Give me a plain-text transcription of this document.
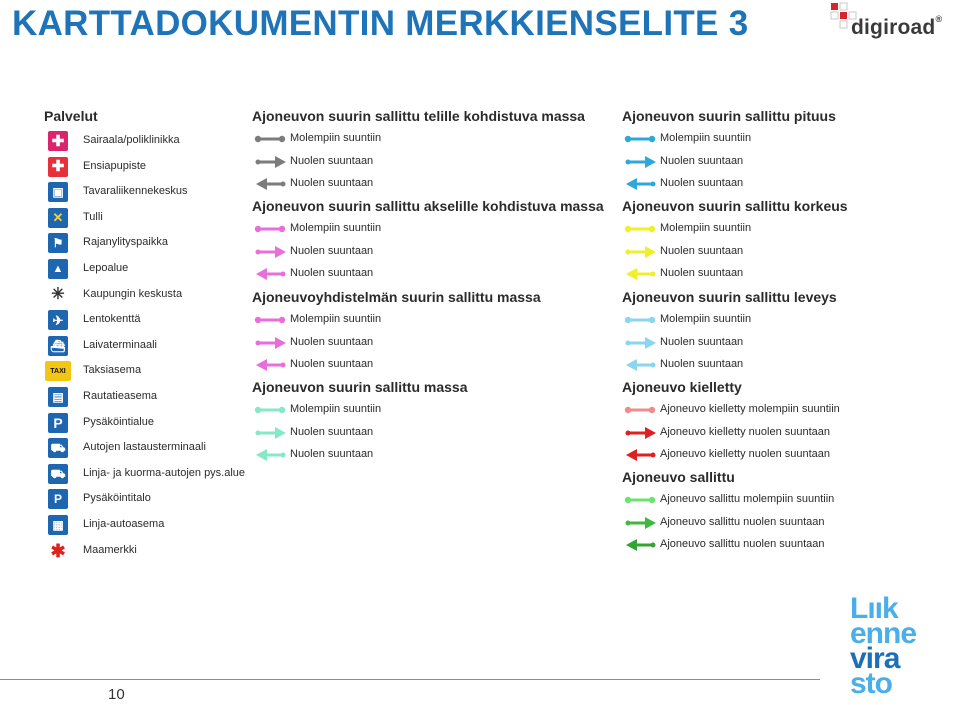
KARTTADOKUMENTIN MERKKIENSELITE 3	digiroad®
Palvelut
✚	Sairaala/poliklinikka
✚	Ensiapupiste
▣	Tavaraliikennekeskus
✕	Tulli
⚑	Rajanylityspaikka
▲	Lepoalue
✳ Kaupungin keskusta
✈	Lentokenttä
⛴ Laivaterminaali
TAXI	Taksiasema
▤	Rautatieasema
P	Pysäköintialue
⛟ Autojen lastausterminaali
⛟ Linja- ja kuorma-autojen pys.alue
P	Pysäköintitalo
▦	Linja-autoasema
✱ Maamerkki
Ajoneuvon suurin sallittu telille kohdistuva massa
Molempiin suuntiin
Nuolen suuntaan
Nuolen suuntaan
Ajoneuvon suurin sallittu akselille kohdistuva massa
Molempiin suuntiin
Nuolen suuntaan
Nuolen suuntaan
Ajoneuvoyhdistelmän suurin sallittu massa
Molempiin suuntiin
Nuolen suuntaan
Nuolen suuntaan
Ajoneuvon suurin sallittu massa
Molempiin suuntiin
Nuolen suuntaan
Nuolen suuntaan
Ajoneuvon suurin sallittu pituus
Molempiin suuntiin
Nuolen suuntaan
Nuolen suuntaan
Ajoneuvon suurin sallittu korkeus
Molempiin suuntiin
Nuolen suuntaan
Nuolen suuntaan
Ajoneuvon suurin sallittu leveys
Molempiin suuntiin
Nuolen suuntaan
Nuolen suuntaan
Ajoneuvo kielletty
Ajoneuvo kielletty molempiin suuntiin
Ajoneuvo kielletty nuolen suuntaan
Ajoneuvo kielletty nuolen suuntaan
Ajoneuvo sallittu
Ajoneuvo sallittu molempiin suuntiin
Ajoneuvo sallittu nuolen suuntaan
Ajoneuvo sallittu nuolen suuntaan
10
Lıık
enne
vira
sto
